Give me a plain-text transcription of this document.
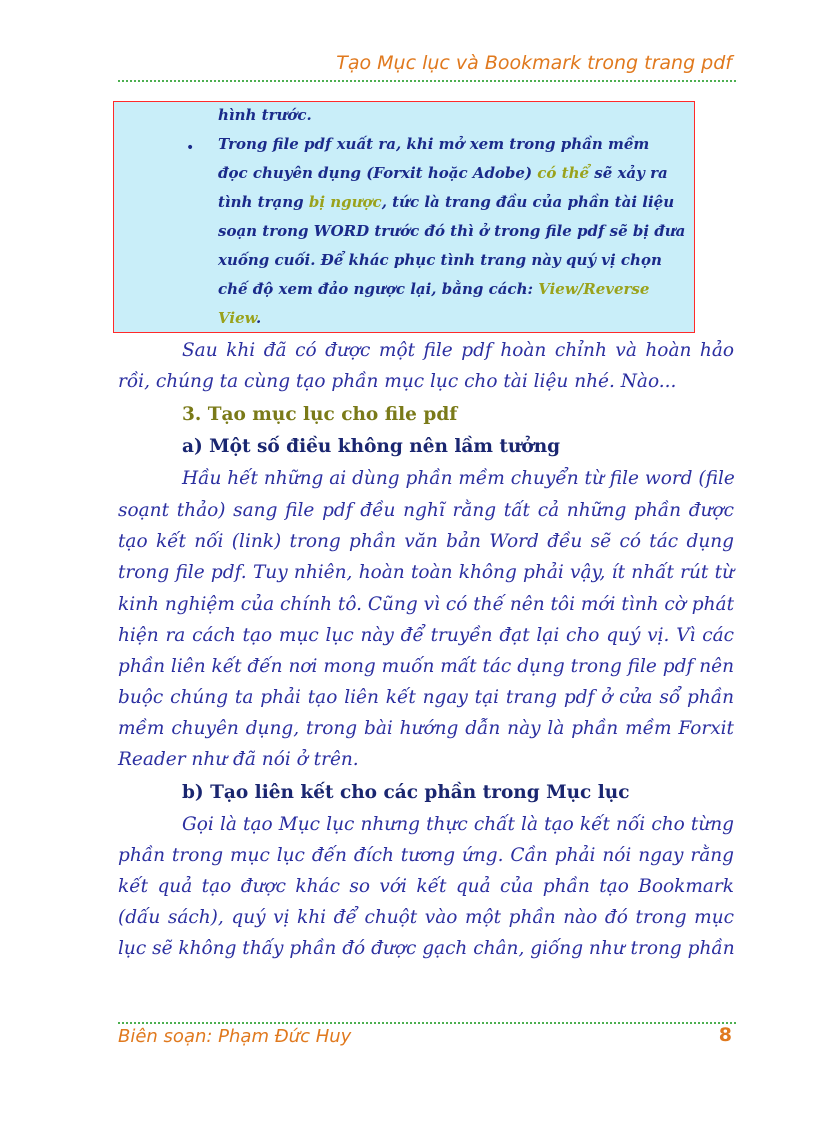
Tạo Mục lục và Bookmark trong trang pdf
hình trước.
• Trong file pdf xuất ra, khi mở xem trong phần mềm
đọc chuyên dụng (Forxit hoặc Adobe) có thể sẽ xảy ra
tình trạng bị ngược, tức là trang đầu của phần tài liệu
soạn trong WORD trước đó thì ở trong file pdf sẽ bị đưa
xuống cuối. Để khác phục tình trang này quý vị chọn
chế độ xem đảo ngược lại, bằng cách: View/Reverse
View.
Sau khi đã có được một file pdf hoàn chỉnh và hoàn hảo
rồi, chúng ta cùng tạo phần mục lục cho tài liệu nhé. Nào...
3. Tạo mục lục cho file pdf
a) Một số điều không nên lầm tưởng
Hầu hết những ai dùng phần mềm chuyển từ file word (file
soạnt thảo) sang file pdf đều nghĩ rằng tất cả những phần được
tạo kết nối (link) trong phần văn bản Word đều sẽ có tác dụng
trong file pdf. Tuy nhiên, hoàn toàn không phải vậy, ít nhất rút từ
kinh nghiệm của chính tô. Cũng vì có thế nên tôi mới tình cờ phát
hiện ra cách tạo mục lục này để truyền đạt lại cho quý vị. Vì các
phần liên kết đến nơi mong muốn mất tác dụng trong file pdf nên
buộc chúng ta phải tạo liên kết ngay tại trang pdf ở cửa sổ phần
mềm chuyên dụng, trong bài hướng dẫn này là phần mềm Forxit
Reader như đã nói ở trên.
b) Tạo liên kết cho các phần trong Mục lục
Gọi là tạo Mục lục nhưng thực chất là tạo kết nối cho từng
phần trong mục lục đến đích tương ứng. Cần phải nói ngay rằng
kết quả tạo được khác so với kết quả của phần tạo Bookmark
(dấu sách), quý vị khi để chuột vào một phần nào đó trong mục
lục sẽ không thấy phần đó được gạch chân, giống như trong phần
Biên soạn: Phạm Đức Huy	8
